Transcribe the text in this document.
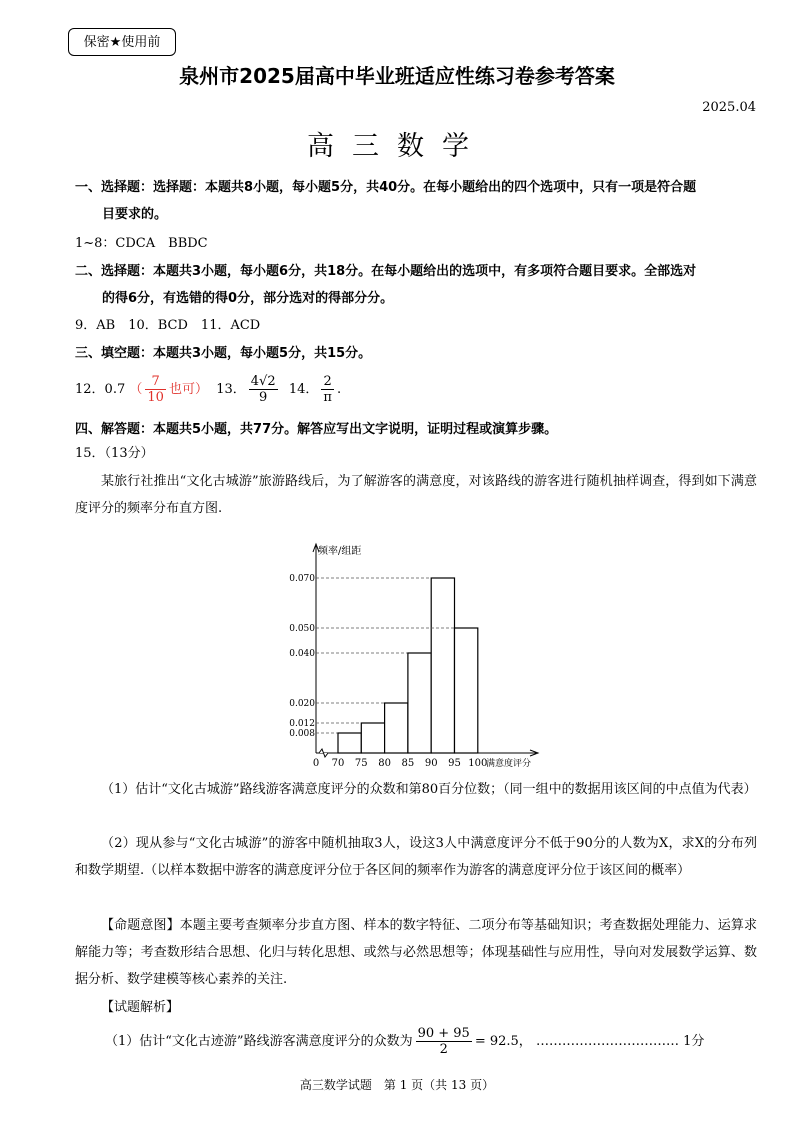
保密★使用前
泉州市2025届高中毕业班适应性练习卷参考答案
2025.04
高三数学
一、选择题：选择题：本题共8小题，每小题5分，共40分。在每小题给出的四个选项中，只有一项是符合题
目要求的。
1~8：CDCA　BBDC
二、选择题：本题共3小题，每小题6分，共18分。在每小题给出的选项中，有多项符合题目要求。全部选对
的得6分，有选错的得0分，部分选对的得部分分。
9．AB　10．BCD　11．ACD
三、填空题：本题共3小题，每小题5分，共15分。
12．0.7 （ $\frac{7}{10}$ 也可） 13． $\frac{4√2}{9} 14$． $\frac{2}{\pi}$ .
四、解答题：本题共5小题，共77分。解答应写出文字说明，证明过程或演算步骤。
15．（13分）
某旅行社推出“文化古城游”旅游路线后，为了解游客的满意度，对该路线的游客进行随机抽样调查，得到如下满意度评分的频率分布直方图.
频率/组距
满意度评分
0
0.008
0.012
0.020
0.040
0.050
0.070
70 75 80 85 90 95 100
（1）估计“文化古城游”路线游客满意度评分的众数和第80百分位数；（同一组中的数据用该区间的中点值为代表）
（2）现从参与“文化古城游”的游客中随机抽取3人，设这3人中满意度评分不低于90分的人数为X，求X的分布列和数学期望.（以样本数据中游客的满意度评分位于各区间的频率作为游客的满意度评分位于该区间的概率）
【命题意图】本题主要考查频率分步直方图、样本的数字特征、二项分布等基础知识；考查数据处理能力、运算求解能力等；考查数形结合思想、化归与转化思想、或然与必然思想等；体现基础性与应用性，导向对发展数学运算、数据分析、数学建模等核心素养的关注.
【试题解析】
（1）估计“文化古迹游”路线游客满意度评分的众数为 $\frac{90 + 95}{2} = 92.5$， …………………………… 1分
高三数学试题　第 1 页（共 13 页）
